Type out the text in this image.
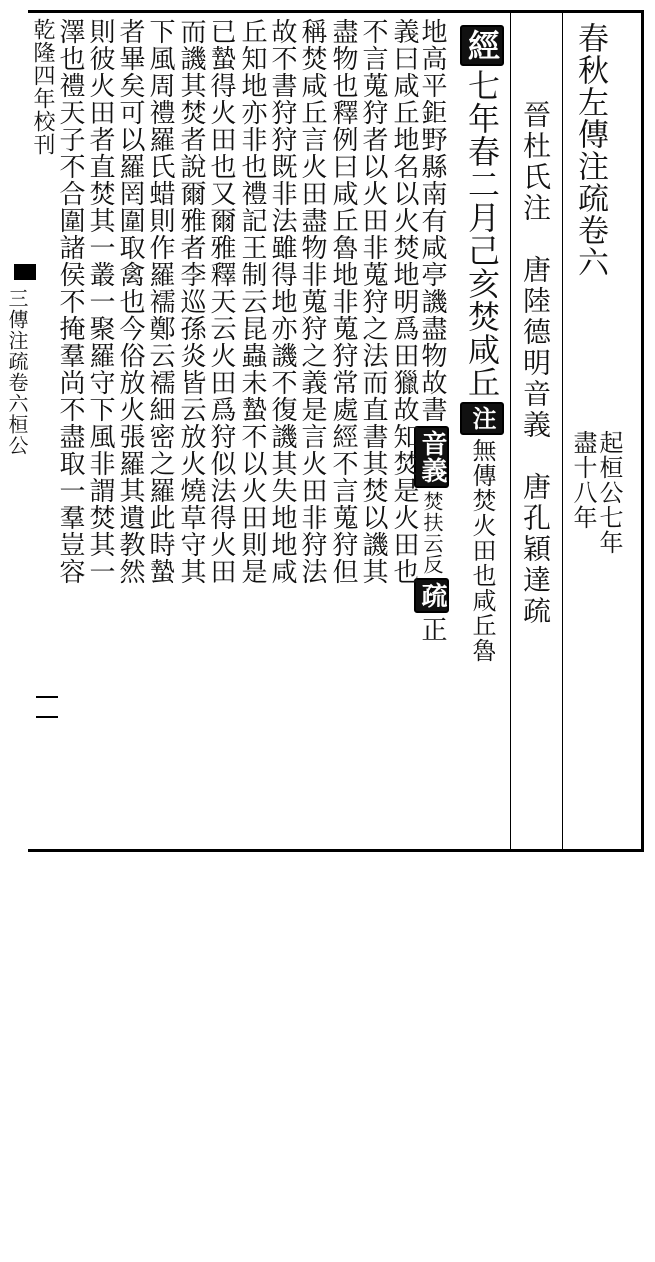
春秋左傳注疏卷六
起桓公七年
盡十八年
晉杜氏注　唐陸德明音義　唐孔穎達疏
經七年春二月己亥焚咸丘注無傳焚火田也咸丘魯
地高平鉅野縣南有咸亭譏盡物故書音義焚扶云反疏正
義曰咸丘地名以火焚地明爲田獵故知焚是火田也
不言蒐狩者以火田非蒐狩之法而直書其焚以譏其
盡物也釋例曰咸丘魯地非蒐狩常處經不言蒐狩但
稱焚咸丘言火田盡物非蒐狩之義是言火田非狩法
故不書狩狩既非法雖得地亦譏不復譏其失地地咸
丘知地亦非也禮記王制云昆蟲未蟄不以火田則是
已蟄得火田也又爾雅釋天云火田爲狩似法得火田
而譏其焚者說爾雅者李巡孫炎皆云放火燒草守其
下風周禮羅氏蜡則作羅襦鄭云襦細密之羅此時蟄
者畢矣可以羅罔圍取禽也今俗放火張羅其遺教然
則彼火田者直焚其一叢一聚羅守下風非謂焚其一
澤也禮天子不合圍諸侯不掩羣尚不盡取一羣豈容
乾隆四年校刊
三傳注疏卷六桓公
